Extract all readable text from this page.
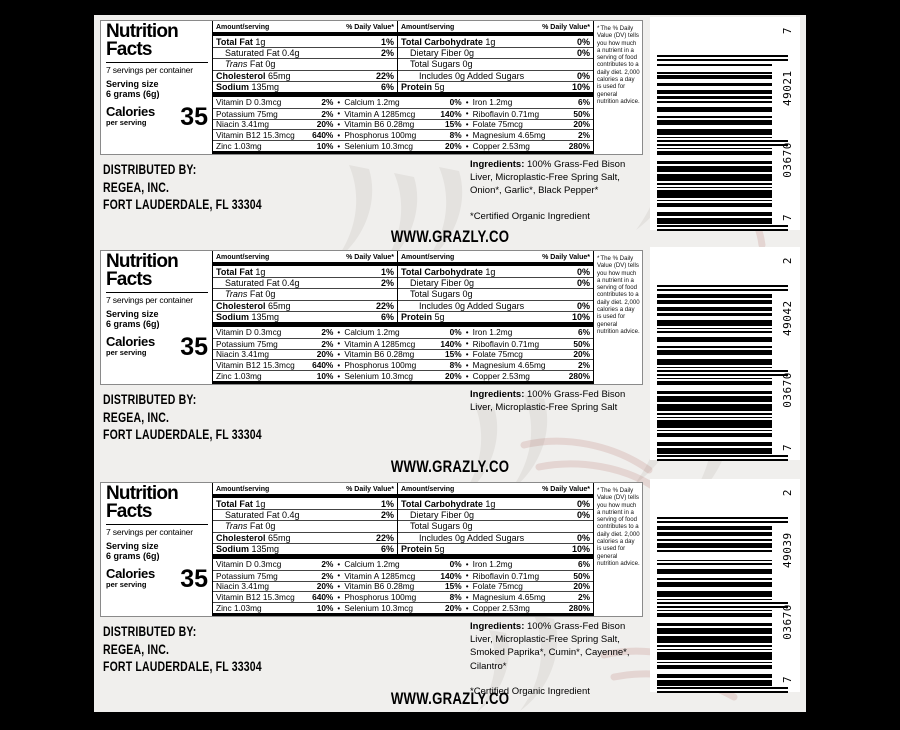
Nutrition
Facts
7 servings per container
Serving size
6 grams (6g)
Calories
per serving	35
Amount/serving	% Daily Value*
Total Fat 1g	1%
Saturated Fat 0.4g	2%
Trans Fat 0g
Cholesterol 65mg	22%
Sodium 135mg	6%
Amount/serving	% Daily Value*
Total Carbohydrate 1g	0%
Dietary Fiber 0g	0%
Total Sugars 0g
Includes 0g Added Sugars	0%
Protein 5g	10%
Vitamin D 0.3mcg	2% • Calcium 1.2mg	0% • Iron 1.2mg	6%
Potassium 75mg	2% • Vitamin A 1285mcg	140% • Riboflavin 0.71mg	50%
Niacin 3.41mg	20% • Vitamin B6 0.28mg	15% • Folate 75mcg	20%
Vitamin B12 15.3mcg 640% • Phosphorus 100mg	8% • Magnesium 4.65mg	2%
Zinc 1.03mg	10% • Selenium 10.3mcg	20% • Copper 2.53mg	280%
*The % Daily Value (DV) tells you how much a nutrient in a serving of food contributes to a daily diet. 2,000 calories a day is used for general nutrition advice.
DISTRIBUTED BY:
REGEA, INC.
FORT LAUDERDALE, FL 33304
Ingredients: 100% Grass-Fed Bison Liver, Microplastic-Free Spring Salt, Onion*, Garlic*, Black Pepper*
*Certified Organic Ingredient
WWW.GRAZLY.CO
7
03670
49021
7
Nutrition
Facts
7 servings per container
Serving size
6 grams (6g)
Calories
per serving	35
Amount/serving	% Daily Value*
Total Fat 1g	1%
Saturated Fat 0.4g	2%
Trans Fat 0g
Cholesterol 65mg	22%
Sodium 135mg	6%
Amount/serving	% Daily Value*
Total Carbohydrate 1g	0%
Dietary Fiber 0g	0%
Total Sugars 0g
Includes 0g Added Sugars	0%
Protein 5g	10%
Vitamin D 0.3mcg	2% • Calcium 1.2mg	0% • Iron 1.2mg	6%
Potassium 75mg	2% • Vitamin A 1285mcg	140% • Riboflavin 0.71mg	50%
Niacin 3.41mg	20% • Vitamin B6 0.28mg	15% • Folate 75mcg	20%
Vitamin B12 15.3mcg 640% • Phosphorus 100mg	8% • Magnesium 4.65mg	2%
Zinc 1.03mg	10% • Selenium 10.3mcg	20% • Copper 2.53mg	280%
*The % Daily Value (DV) tells you how much a nutrient in a serving of food contributes to a daily diet. 2,000 calories a day is used for general nutrition advice.
DISTRIBUTED BY:
REGEA, INC.
FORT LAUDERDALE, FL 33304
Ingredients: 100% Grass-Fed Bison Liver, Microplastic-Free Spring Salt
WWW.GRAZLY.CO
7
03670
49042
2
Nutrition
Facts
7 servings per container
Serving size
6 grams (6g)
Calories
per serving	35
Amount/serving	% Daily Value*
Total Fat 1g	1%
Saturated Fat 0.4g	2%
Trans Fat 0g
Cholesterol 65mg	22%
Sodium 135mg	6%
Amount/serving	% Daily Value*
Total Carbohydrate 1g	0%
Dietary Fiber 0g	0%
Total Sugars 0g
Includes 0g Added Sugars	0%
Protein 5g	10%
Vitamin D 0.3mcg	2% • Calcium 1.2mg	0% • Iron 1.2mg	6%
Potassium 75mg	2% • Vitamin A 1285mcg	140% • Riboflavin 0.71mg	50%
Niacin 3.41mg	20% • Vitamin B6 0.28mg	15% • Folate 75mcg	20%
Vitamin B12 15.3mcg 640% • Phosphorus 100mg	8% • Magnesium 4.65mg	2%
Zinc 1.03mg	10% • Selenium 10.3mcg	20% • Copper 2.53mg	280%
*The % Daily Value (DV) tells you how much a nutrient in a serving of food contributes to a daily diet. 2,000 calories a day is used for general nutrition advice.
DISTRIBUTED BY:
REGEA, INC.
FORT LAUDERDALE, FL 33304
Ingredients: 100% Grass-Fed Bison Liver, Microplastic-Free Spring Salt, Smoked Paprika*, Cumin*, Cayenne*, Cilantro*
*Certified Organic Ingredient
WWW.GRAZLY.CO
7
03670
49039
2
